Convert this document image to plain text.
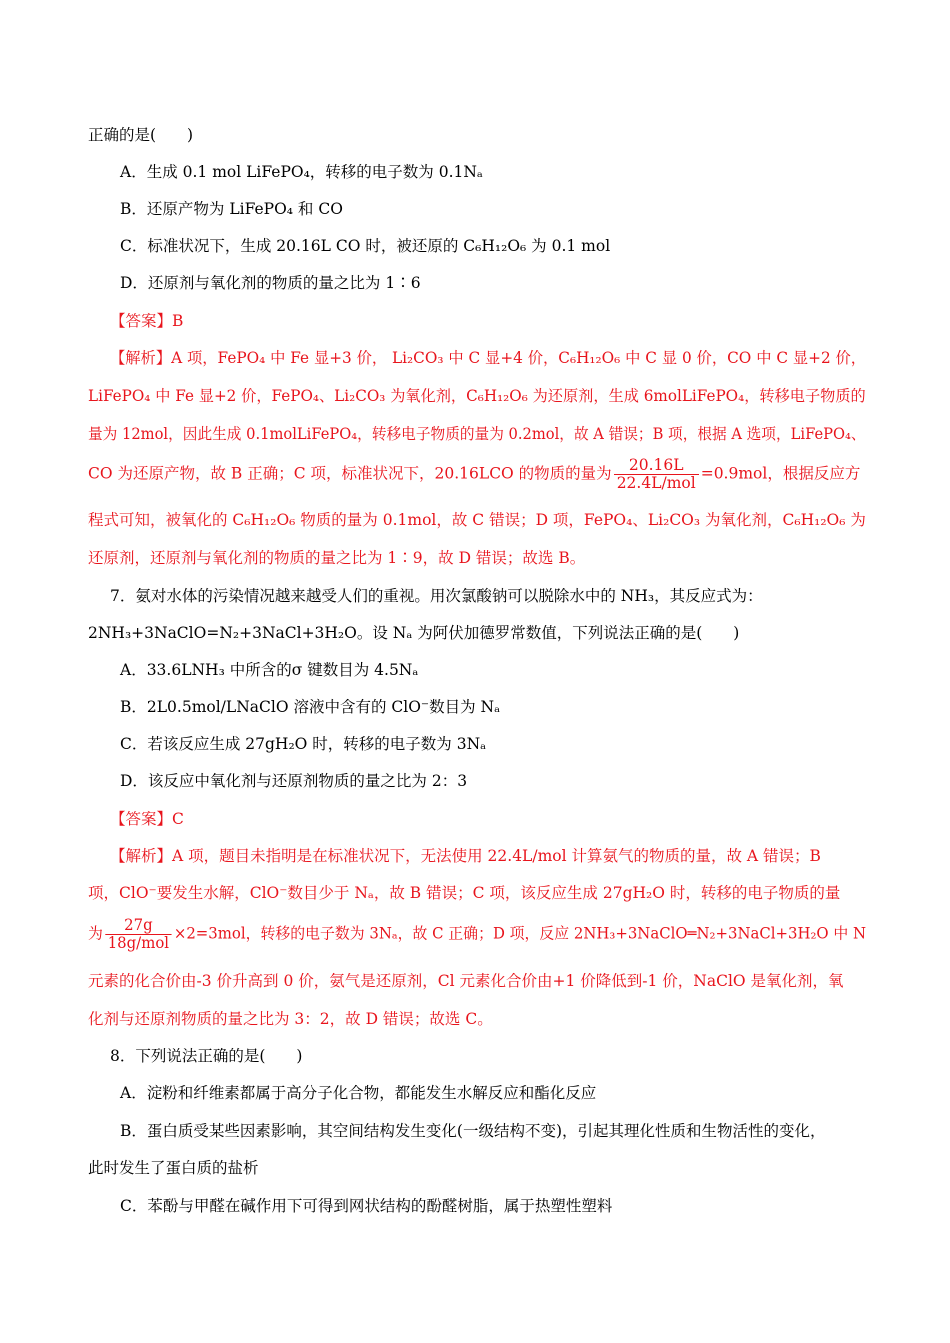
正确的是(　　)
A．生成 0.1 mol LiFePO₄，转移的电子数为 0.1Nₐ
B．还原产物为 LiFePO₄ 和 CO
C．标准状况下，生成 20.16L CO 时，被还原的 C₆H₁₂O₆ 为 0.1 mol
D．还原剂与氧化剂的物质的量之比为 1∶6
【答案】B
【解析】A 项，FePO₄ 中 Fe 显+3 价， Li₂CO₃ 中 C 显+4 价，C₆H₁₂O₆ 中 C 显 0 价，CO 中 C 显+2 价，
LiFePO₄ 中 Fe 显+2 价，FePO₄、Li₂CO₃ 为氧化剂，C₆H₁₂O₆ 为还原剂，生成 6molLiFePO₄，转移电子物质的
量为 12mol，因此生成 0.1molLiFePO₄，转移电子物质的量为 0.2mol，故 A 错误；B 项，根据 A 选项，LiFePO₄、
CO 为还原产物，故 B 正确；C 项，标准状况下，20.16LCO 的物质的量为 $\frac{20.16L}{\text{22.4L/mol}} =0.9mol$，根据反应方
程式可知，被氧化的 C₆H₁₂O₆ 物质的量为 0.1mol，故 C 错误；D 项，FePO₄、Li₂CO₃ 为氧化剂，C₆H₁₂O₆ 为
还原剂，还原剂与氧化剂的物质的量之比为 1∶9，故 D 错误；故选 B。
7．氨对水体的污染情况越来越受人们的重视。用次氯酸钠可以脱除水中的 NH₃，其反应式为：
2NH₃+3NaClO=N₂+3NaCl+3H₂O。设 Nₐ 为阿伏加德罗常数值，下列说法正确的是(　　)
A．33.6LNH₃ 中所含的σ 键数目为 4.5Nₐ
B．2L0.5mol/LNaClO 溶液中含有的 ClO⁻数目为 Nₐ
C．若该反应生成 27gH₂O 时，转移的电子数为 3Nₐ
D．该反应中氧化剂与还原剂物质的量之比为 2：3
【答案】C
【解析】A 项，题目未指明是在标准状况下，无法使用 22.4L/mol 计算氨气的物质的量，故 A 错误；B
项，ClO⁻要发生水解，ClO⁻数目少于 Nₐ，故 B 错误；C 项，该反应生成 27gH₂O 时，转移的电子物质的量
为 $\frac{27g}{\text{18g/mol}} \times 2=3mol$，转移的电子数为 3Nₐ，故 C 正确；D 项，反应 2NH₃+3NaClO═N₂+3NaCl+3H₂O 中 N
元素的化合价由-3 价升高到 0 价，氨气是还原剂，Cl 元素化合价由+1 价降低到-1 价，NaClO 是氧化剂，氧
化剂与还原剂物质的量之比为 3：2，故 D 错误；故选 C。
8．下列说法正确的是(　　)
A．淀粉和纤维素都属于高分子化合物，都能发生水解反应和酯化反应
B．蛋白质受某些因素影响，其空间结构发生变化(一级结构不变)，引起其理化性质和生物活性的变化，
此时发生了蛋白质的盐析
C．苯酚与甲醛在碱作用下可得到网状结构的酚醛树脂，属于热塑性塑料
